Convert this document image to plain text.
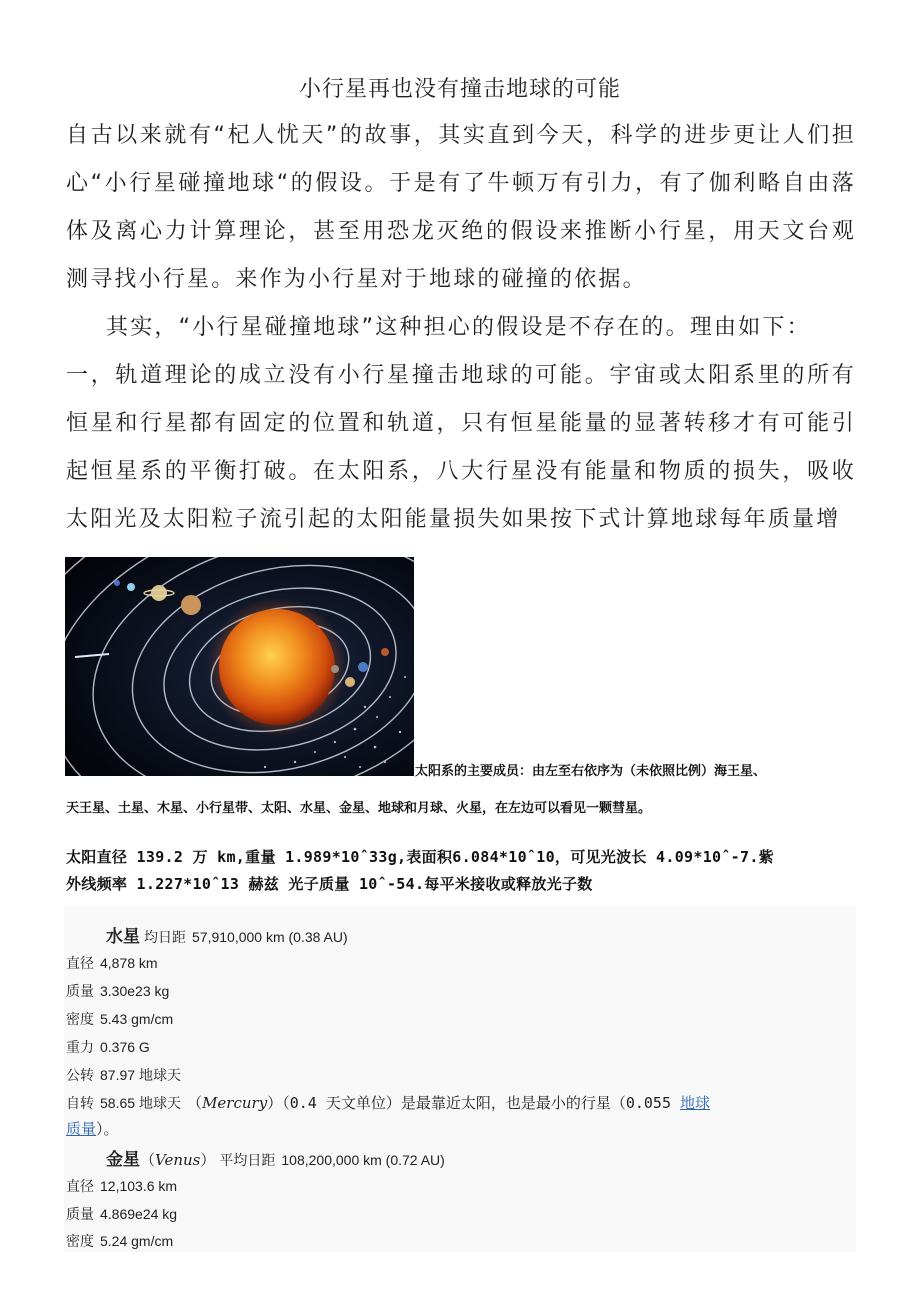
小行星再也没有撞击地球的可能
自古以来就有“杞人忧天”的故事，其实直到今天，科学的进步更让人们担心“小行星碰撞地球“的假设。于是有了牛顿万有引力，有了伽利略自由落体及离心力计算理论，甚至用恐龙灭绝的假设来推断小行星，用天文台观测寻找小行星。来作为小行星对于地球的碰撞的依据。
其实，“小行星碰撞地球”这种担心的假设是不存在的。理由如下：
一，轨道理论的成立没有小行星撞击地球的可能。宇宙或太阳系里的所有恒星和行星都有固定的位置和轨道，只有恒星能量的显著转移才有可能引起恒星系的平衡打破。在太阳系，八大行星没有能量和物质的损失，吸收太阳光及太阳粒子流引起的太阳能量损失如果按下式计算地球每年质量增
太阳系的主要成员：由左至右依序为（未依照比例）海王星、
天王星、土星、木星、小行星带、太阳、水星、金星、地球和月球、火星，在左边可以看见一颗彗星。
太阳直径 139.2 万 km,重量 1.989*10ˆ33g,表面积6.084*10ˆ10，可见光波长 4.09*10ˆ-7.紫
外线频率 1.227*10ˆ13 赫兹 光子质量 10ˆ-54.每平米接收或释放光子数
水星 均日距 57,910,000 km (0.38 AU)
直径 4,878 km
质量 3.30e23 kg
密度 5.43 gm/cm
重力 0.376 G
公转 87.97 地球天
自转 58.65 地球天 （Mercury）（0.4 天文单位）是最靠近太阳，也是最小的行星（0.055 地球
质量）。
金星（Venus） 平均日距 108,200,000 km (0.72 AU)
直径 12,103.6 km
质量 4.869e24 kg
密度 5.24 gm/cm
